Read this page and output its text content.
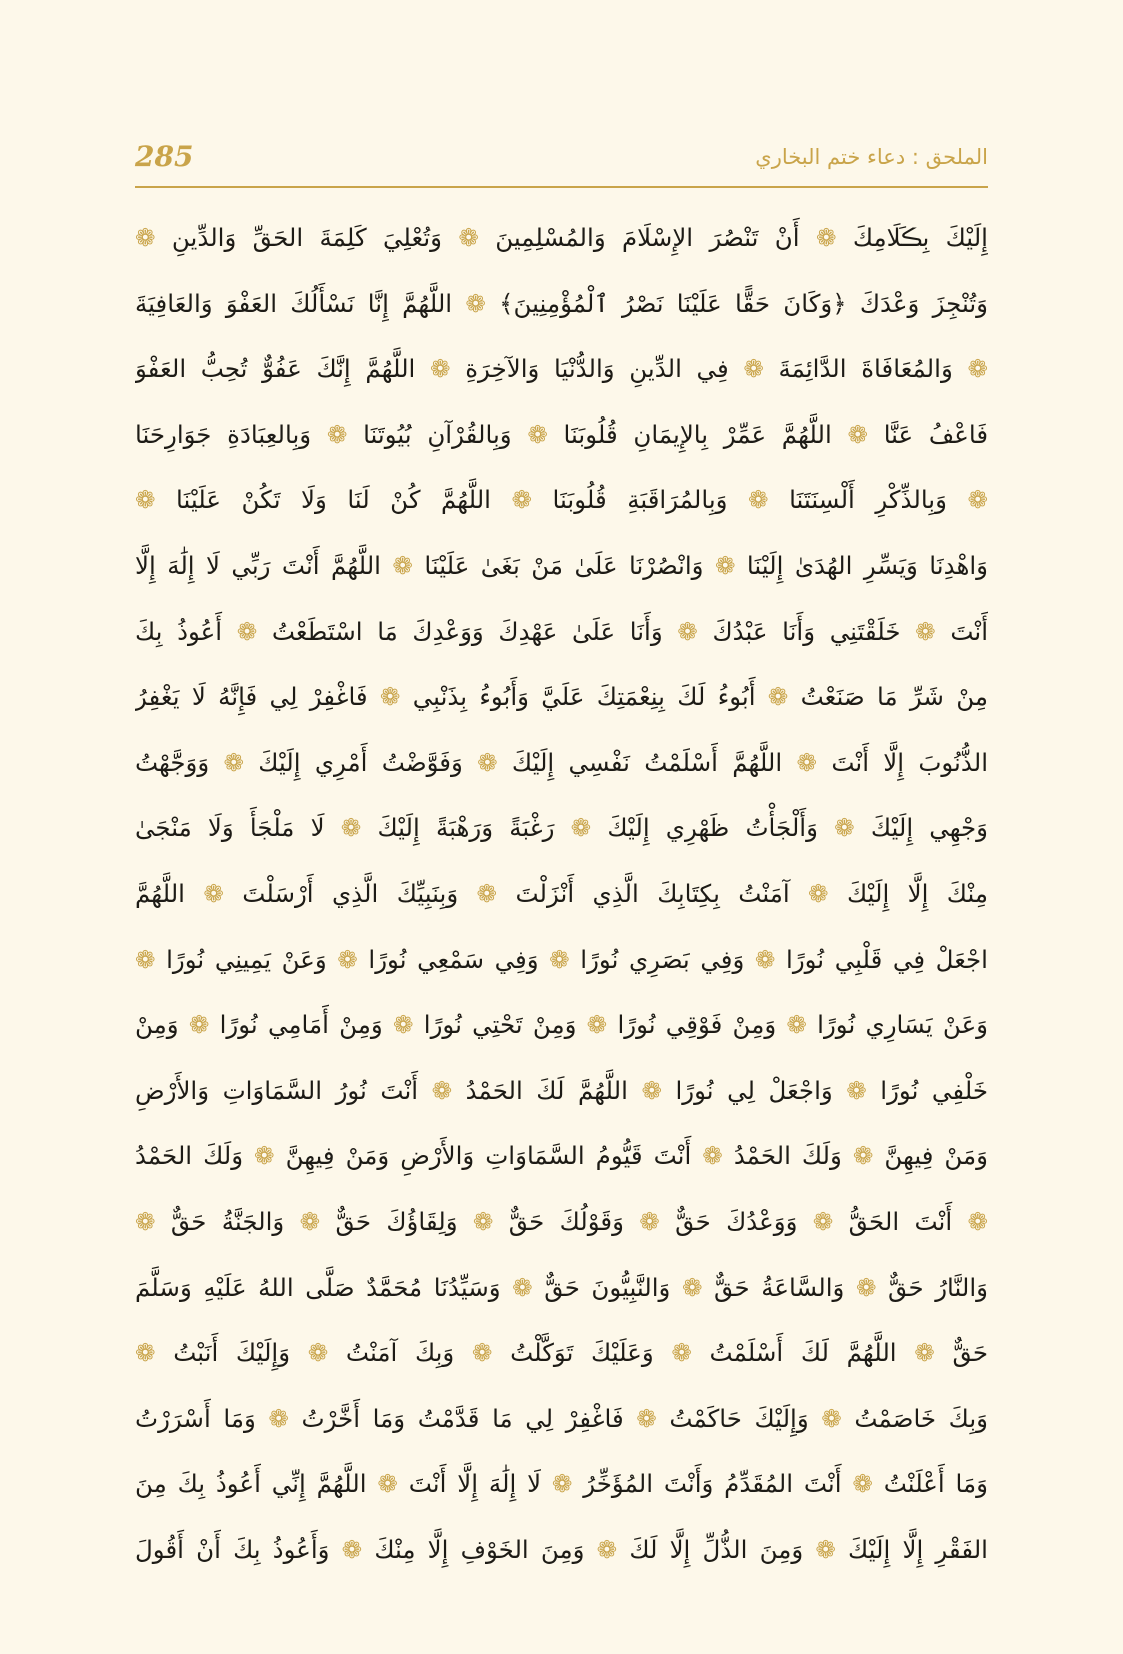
285	الملحق : دعاء ختم البخاري
إِلَيْكَ بِڪَلَامِكَ ❁ أَنْ تَنْصُرَ الإِسْلَامَ وَالمُسْلِمِينَ ❁ وَتُعْلِيَ كَلِمَةَ الحَقِّ وَالدِّينِ ❁
وَتُنْجِزَ وَعْدَكَ ﴿وَكَانَ حَقًّا عَلَيْنَا نَصْرُ ٱلْمُؤْمِنِينَ﴾ ❁ اللَّهُمَّ إِنَّا نَسْأَلُكَ العَفْوَ وَالعَافِيَةَ
❁ وَالمُعَافَاةَ الدَّائِمَةَ ❁ فِي الدِّينِ وَالدُّنْيَا وَالآخِرَةِ ❁ اللَّهُمَّ إِنَّكَ عَفُوٌّ تُحِبُّ العَفْوَ
فَاعْفُ عَنَّا ❁ اللَّهُمَّ عَمِّرْ بِالإِيمَانِ قُلُوبَنَا ❁ وَبِالقُرْآنِ بُيُوتَنَا ❁ وَبِالعِبَادَةِ جَوَارِحَنَا
❁ وَبِالذِّكْرِ أَلْسِنَتَنَا ❁ وَبِالمُرَاقَبَةِ قُلُوبَنَا ❁ اللَّهُمَّ كُنْ لَنَا وَلَا تَكُنْ عَلَيْنَا ❁
وَاهْدِنَا وَيَسِّرِ الهُدَىٰ إِلَيْنَا ❁ وَانْصُرْنَا عَلَىٰ مَنْ بَغَىٰ عَلَيْنَا ❁ اللَّهُمَّ أَنْتَ رَبِّي لَا إِلَٰهَ إِلَّا
أَنْتَ ❁ خَلَقْتَنِي وَأَنَا عَبْدُكَ ❁ وَأَنَا عَلَىٰ عَهْدِكَ وَوَعْدِكَ مَا اسْتَطَعْتُ ❁ أَعُوذُ بِكَ
مِنْ شَرِّ مَا صَنَعْتُ ❁ أَبُوءُ لَكَ بِنِعْمَتِكَ عَلَيَّ وَأَبُوءُ بِذَنْبِي ❁ فَاغْفِرْ لِي فَإِنَّهُ لَا يَغْفِرُ
الذُّنُوبَ إِلَّا أَنْتَ ❁ اللَّهُمَّ أَسْلَمْتُ نَفْسِي إِلَيْكَ ❁ وَفَوَّضْتُ أَمْرِي إِلَيْكَ ❁ وَوَجَّهْتُ
وَجْهِي إِلَيْكَ ❁ وَأَلْجَأْتُ ظَهْرِي إِلَيْكَ ❁ رَغْبَةً وَرَهْبَةً إِلَيْكَ ❁ لَا مَلْجَأَ وَلَا مَنْجَىٰ
مِنْكَ إِلَّا إِلَيْكَ ❁ آمَنْتُ بِكِتَابِكَ الَّذِي أَنْزَلْتَ ❁ وَبِنَبِيِّكَ الَّذِي أَرْسَلْتَ ❁ اللَّهُمَّ
اجْعَلْ فِي قَلْبِي نُورًا ❁ وَفِي بَصَرِي نُورًا ❁ وَفِي سَمْعِي نُورًا ❁ وَعَنْ يَمِينِي نُورًا ❁
وَعَنْ يَسَارِي نُورًا ❁ وَمِنْ فَوْقِي نُورًا ❁ وَمِنْ تَحْتِي نُورًا ❁ وَمِنْ أَمَامِي نُورًا ❁ وَمِنْ
خَلْفِي نُورًا ❁ وَاجْعَلْ لِي نُورًا ❁ اللَّهُمَّ لَكَ الحَمْدُ ❁ أَنْتَ نُورُ السَّمَاوَاتِ وَالأَرْضِ
وَمَنْ فِيهِنَّ ❁ وَلَكَ الحَمْدُ ❁ أَنْتَ قَيُّومُ السَّمَاوَاتِ وَالأَرْضِ وَمَنْ فِيهِنَّ ❁ وَلَكَ الحَمْدُ
❁ أَنْتَ الحَقُّ ❁ وَوَعْدُكَ حَقٌّ ❁ وَقَوْلُكَ حَقٌّ ❁ وَلِقَاؤُكَ حَقٌّ ❁ وَالجَنَّةُ حَقٌّ ❁
وَالنَّارُ حَقٌّ ❁ وَالسَّاعَةُ حَقٌّ ❁ وَالنَّبِيُّونَ حَقٌّ ❁ وَسَيِّدُنَا مُحَمَّدٌ صَلَّى اللهُ عَلَيْهِ وَسَلَّمَ
حَقٌّ ❁ اللَّهُمَّ لَكَ أَسْلَمْتُ ❁ وَعَلَيْكَ تَوَكَّلْتُ ❁ وَبِكَ آمَنْتُ ❁ وَإِلَيْكَ أَنَبْتُ ❁
وَبِكَ خَاصَمْتُ ❁ وَإِلَيْكَ حَاكَمْتُ ❁ فَاغْفِرْ لِي مَا قَدَّمْتُ وَمَا أَخَّرْتُ ❁ وَمَا أَسْرَرْتُ
وَمَا أَعْلَنْتُ ❁ أَنْتَ المُقَدِّمُ وَأَنْتَ المُؤَخِّرُ ❁ لَا إِلَٰهَ إِلَّا أَنْتَ ❁ اللَّهُمَّ إِنِّي أَعُوذُ بِكَ مِنَ
الفَقْرِ إِلَّا إِلَيْكَ ❁ وَمِنَ الذُّلِّ إِلَّا لَكَ ❁ وَمِنَ الخَوْفِ إِلَّا مِنْكَ ❁ وَأَعُوذُ بِكَ أَنْ أَقُولَ
